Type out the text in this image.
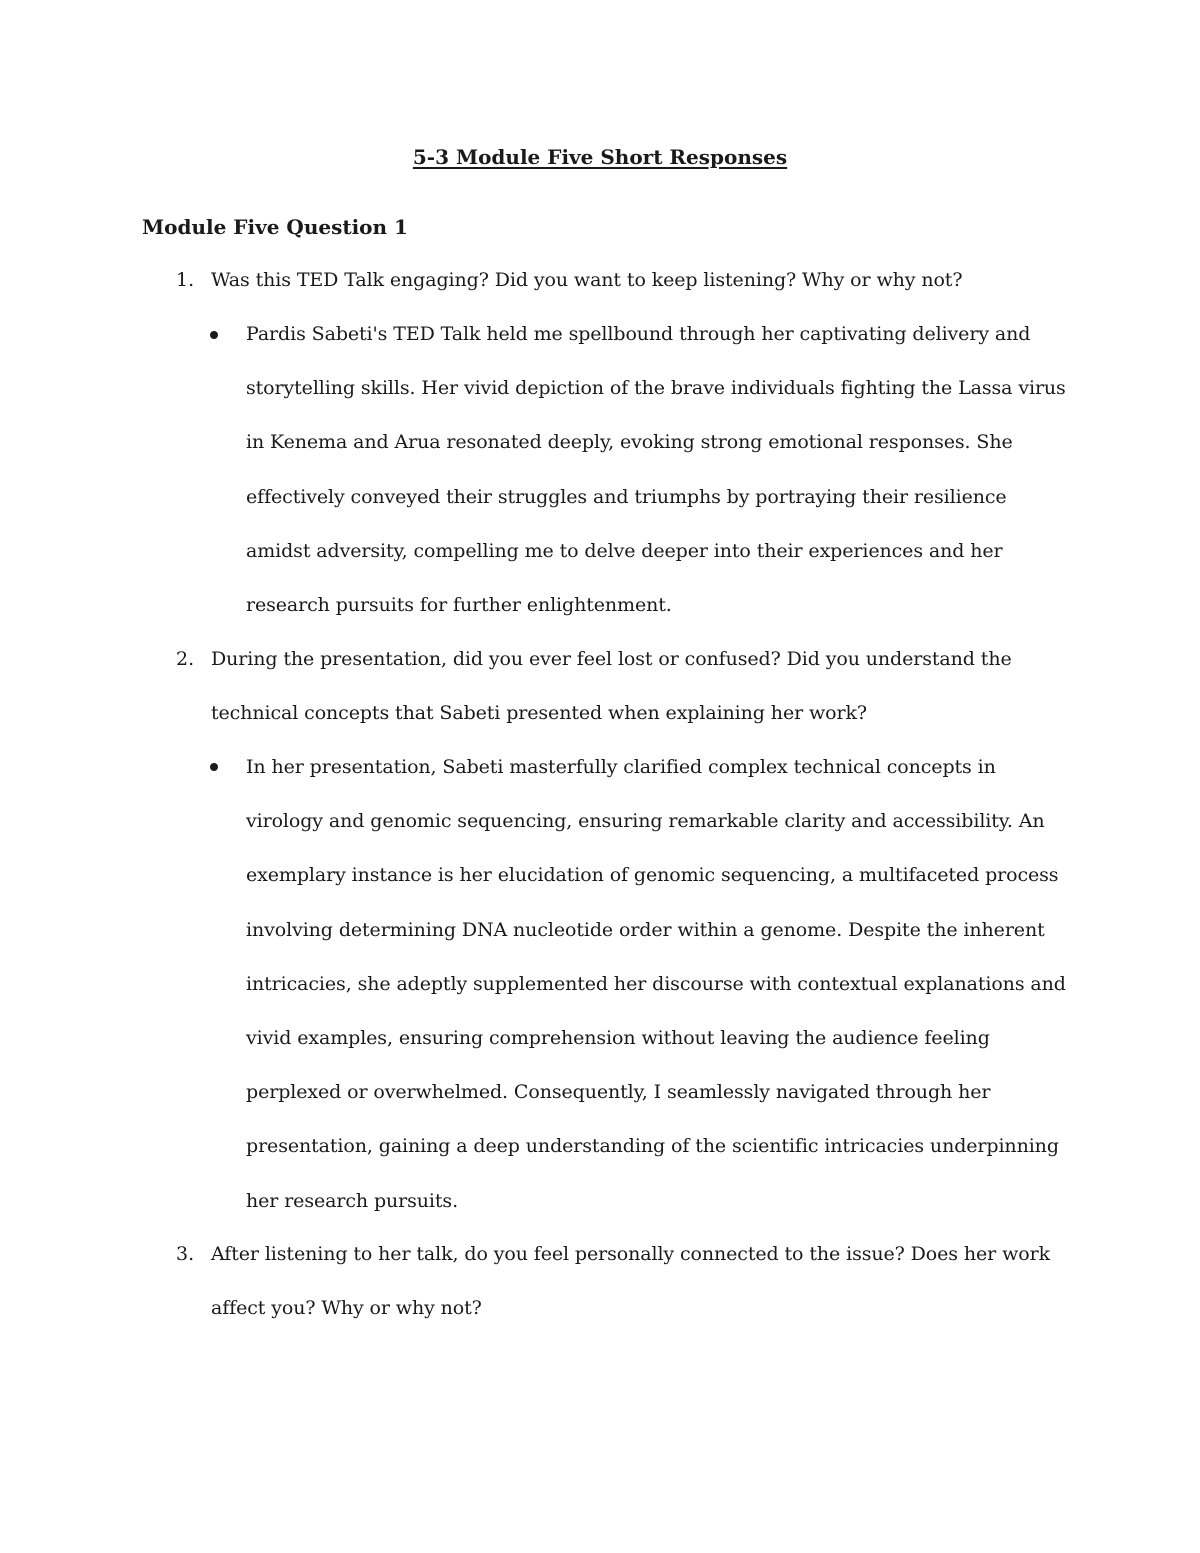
5-3 Module Five Short Responses
Module Five Question 1
1. Was this TED Talk engaging? Did you want to keep listening? Why or why not?

Pardis Sabeti's TED Talk held me spellbound through her captivating delivery and storytelling skills. Her vivid depiction of the brave individuals fighting the Lassa virus in Kenema and Arua resonated deeply, evoking strong emotional responses. She effectively conveyed their struggles and triumphs by portraying their resilience amidst adversity, compelling me to delve deeper into their experiences and her research pursuits for further enlightenment.

2. During the presentation, did you ever feel lost or confused? Did you understand the technical concepts that Sabeti presented when explaining her work?

In her presentation, Sabeti masterfully clarified complex technical concepts in virology and genomic sequencing, ensuring remarkable clarity and accessibility. An exemplary instance is her elucidation of genomic sequencing, a multifaceted process involving determining DNA nucleotide order within a genome. Despite the inherent intricacies, she adeptly supplemented her discourse with contextual explanations and vivid examples, ensuring comprehension without leaving the audience feeling perplexed or overwhelmed. Consequently, I seamlessly navigated through her presentation, gaining a deep understanding of the scientific intricacies underpinning her research pursuits.

3. After listening to her talk, do you feel personally connected to the issue? Does her work affect you? Why or why not?
